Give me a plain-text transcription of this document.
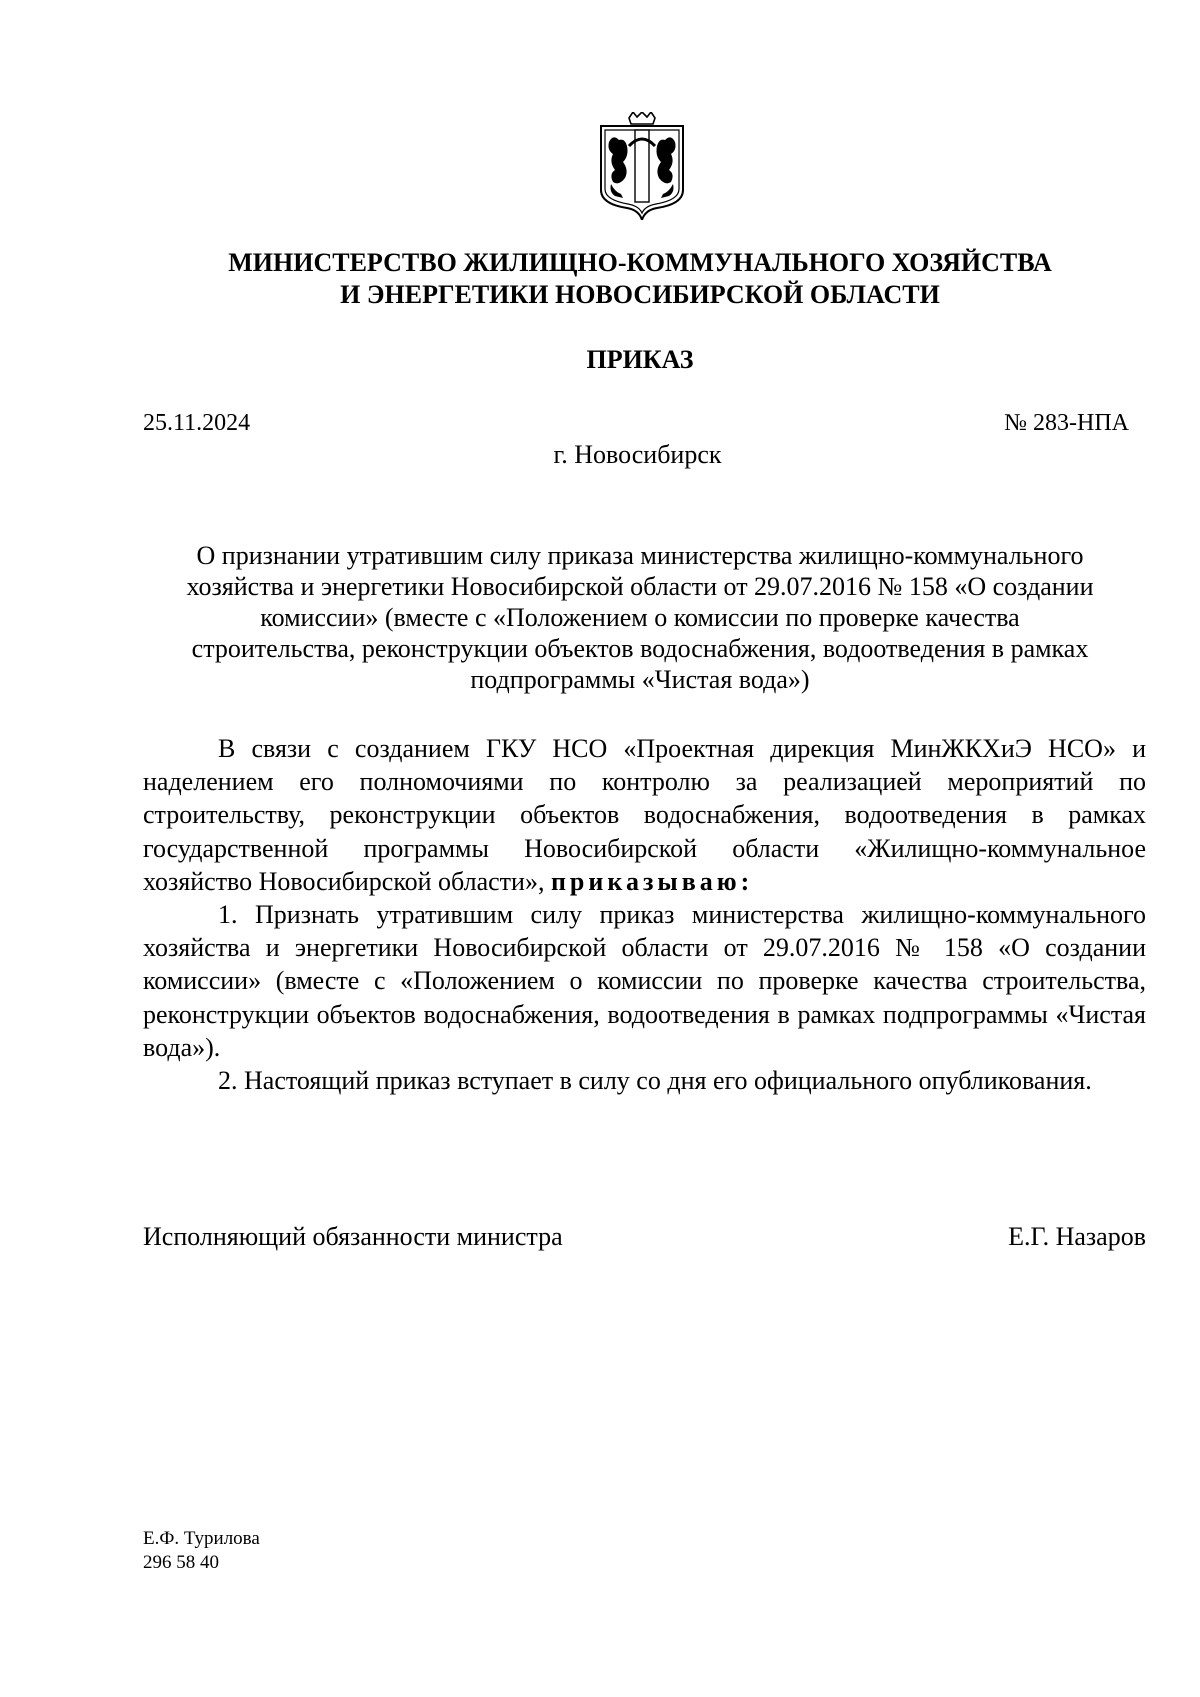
МИНИСТЕРСТВО ЖИЛИЩНО-КОММУНАЛЬНОГО ХОЗЯЙСТВА
И ЭНЕРГЕТИКИ НОВОСИБИРСКОЙ ОБЛАСТИ
ПРИКАЗ
25.11.2024	№ 283-НПА
г. Новосибирск
О признании утратившим силу приказа министерства жилищно-коммунального
хозяйства и энергетики Новосибирской области от 29.07.2016 № 158 «О создании
комиссии» (вместе с «Положением о комиссии по проверке качества
строительства, реконструкции объектов водоснабжения, водоотведения в рамках
подпрограммы «Чистая вода»)

В связи с созданием ГКУ НСО «Проектная дирекция МинЖКХиЭ НСО» и наделением его полномочиями по контролю за реализацией мероприятий по строительству, реконструкции объектов водоснабжения, водоотведения в рамках государственной программы Новосибирской области «Жилищно-коммунальное хозяйство Новосибирской области», приказываю:

1. Признать утратившим силу приказ министерства жилищно-коммунального хозяйства и энергетики Новосибирской области от 29.07.2016 № 158 «О создании комиссии» (вместе с «Положением о комиссии по проверке качества строительства, реконструкции объектов водоснабжения, водоотведения в рамках подпрограммы «Чистая вода»).

2. Настоящий приказ вступает в силу со дня его официального опубликования.

Исполняющий обязанности министра	Е.Г. Назаров
Е.Ф. Турилова
296 58 40
